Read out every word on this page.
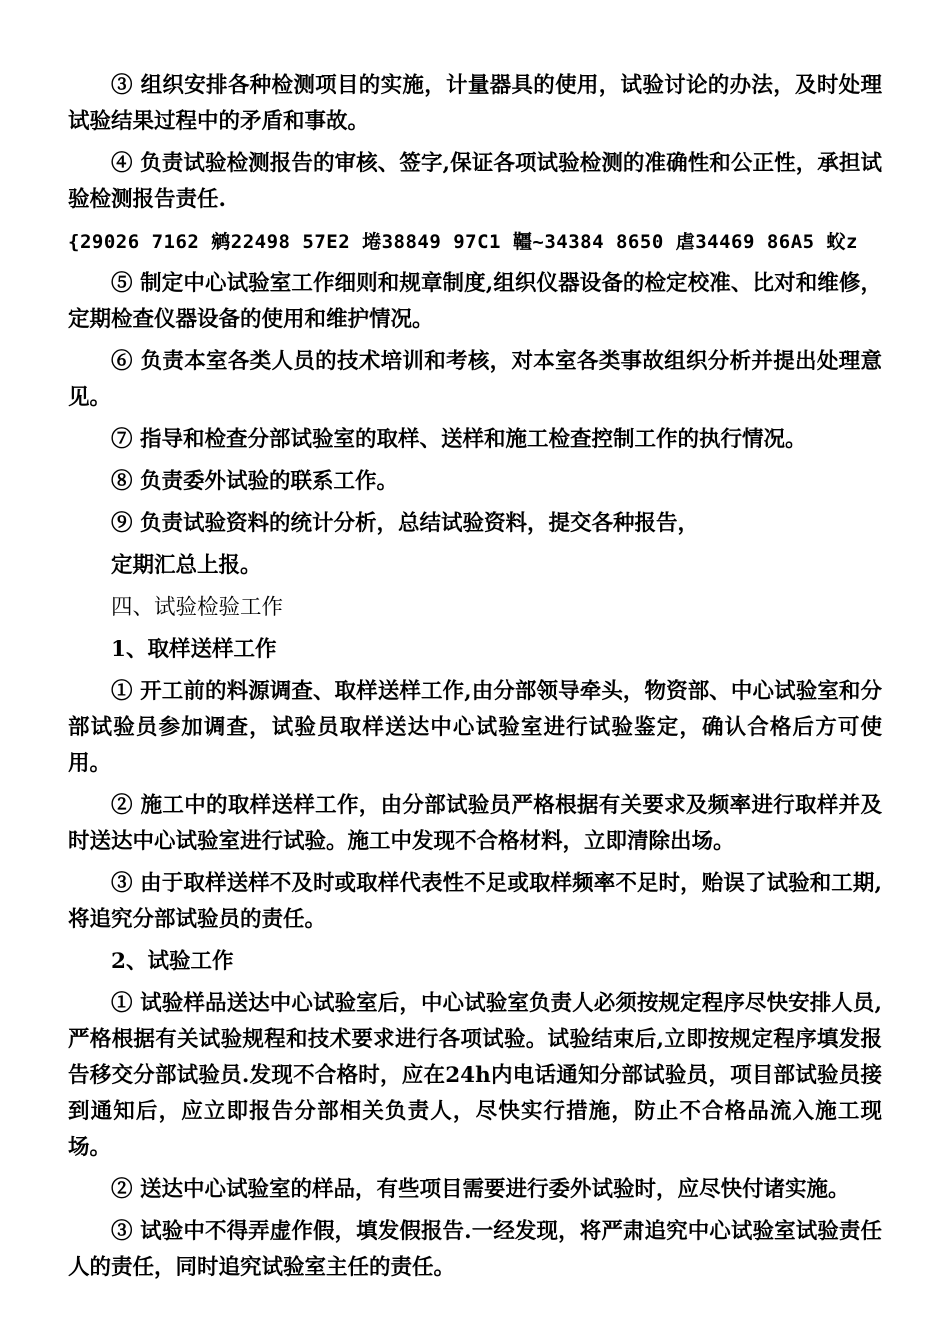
③ 组织安排各种检测项目的实施，计量器具的使用，试验讨论的办法，及时处理试验结果过程中的矛盾和事故。

④ 负责试验检测报告的审核、签字,保证各项试验检测的准确性和公正性，承担试验检测报告责任.

{29026 7162 鹓22498 57E2 埢38849 97C1 韁~34384 8650 虐34469 86A5 蚥z

⑤ 制定中心试验室工作细则和规章制度,组织仪器设备的检定校准、比对和维修，定期检查仪器设备的使用和维护情况。

⑥ 负责本室各类人员的技术培训和考核，对本室各类事故组织分析并提出处理意见。

⑦ 指导和检查分部试验室的取样、送样和施工检查控制工作的执行情况。

⑧ 负责委外试验的联系工作。

⑨ 负责试验资料的统计分析，总结试验资料，提交各种报告，

定期汇总上报。

四、试验检验工作

1、取样送样工作

① 开工前的料源调查、取样送样工作,由分部领导牵头，物资部、中心试验室和分部试验员参加调查，试验员取样送达中心试验室进行试验鉴定，确认合格后方可使用。

② 施工中的取样送样工作，由分部试验员严格根据有关要求及频率进行取样并及时送达中心试验室进行试验。施工中发现不合格材料，立即清除出场。

③ 由于取样送样不及时或取样代表性不足或取样频率不足时，贻误了试验和工期,将追究分部试验员的责任。

2、试验工作

① 试验样品送达中心试验室后，中心试验室负责人必须按规定程序尽快安排人员,严格根据有关试验规程和技术要求进行各项试验。试验结束后,立即按规定程序填发报告移交分部试验员.发现不合格时，应在24h内电话通知分部试验员，项目部试验员接到通知后，应立即报告分部相关负责人，尽快实行措施，防止不合格品流入施工现场。

② 送达中心试验室的样品，有些项目需要进行委外试验时，应尽快付诸实施。

③ 试验中不得弄虚作假，填发假报告.一经发现，将严肃追究中心试验室试验责任人的责任，同时追究试验室主任的责任。
